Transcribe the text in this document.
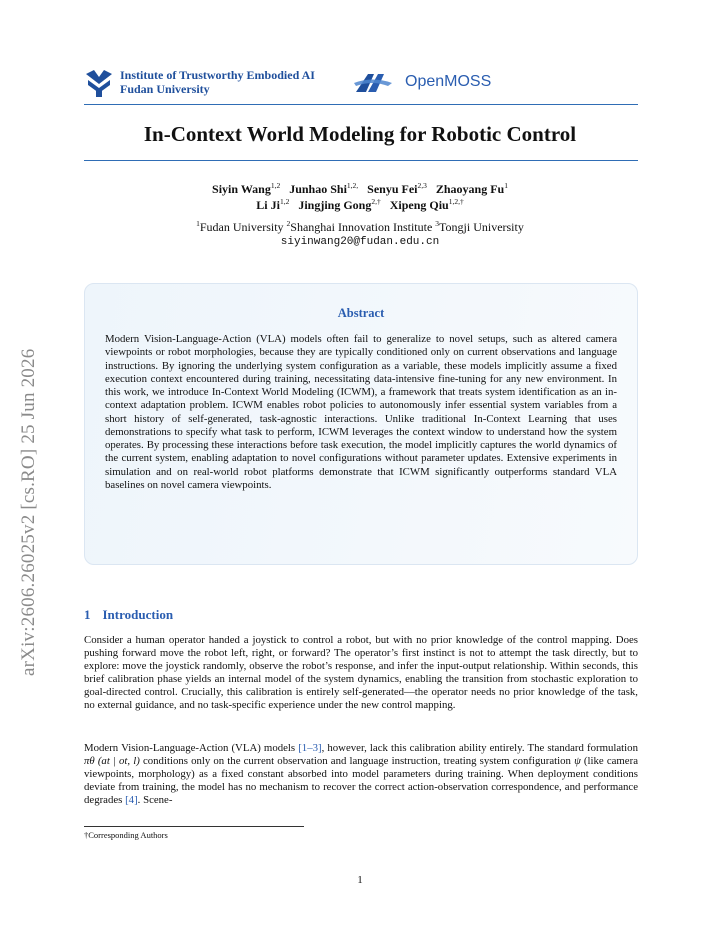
Institute of Trustworthy Embodied AI
Fudan University	OpenMOSS
In-Context World Modeling for Robotic Control
Siyin Wang$^{1,2}$ Junhao Shi$^{1,2,}$ Senyu Fei$^{2,3}$ Zhaoyang Fu$^1$
Li Ji$^{1,2}$ Jingjing Gong$^{2,\dagger}$ Xipeng Qiu$^{1,2,\dagger}$
$^1$Fudan University $^2$Shanghai Innovation Institute $^3$Tongji University
siyinwang20@fudan.edu.cn
arXiv:2606.26025v2 [cs.RO] 25 Jun 2026
Abstract
Modern Vision-Language-Action (VLA) models often fail to generalize to novel setups, such as altered camera viewpoints or robot morphologies, because they are typically conditioned only on current observations and language instructions. By ignoring the underlying system configuration as a variable, these models implicitly assume a fixed execution context encountered during training, necessitating data-intensive fine-tuning for any new environment. In this work, we introduce In-Context World Modeling (ICWM), a framework that treats system identification as an in-context adaptation problem. ICWM enables robot policies to autonomously infer essential system variables from a short history of self-generated, task-agnostic interactions. Unlike traditional In-Context Learning that uses demonstrations to specify what task to perform, ICWM leverages the context window to understand how the system operates. By processing these interactions before task execution, the model implicitly captures the world dynamics of the current system, enabling adaptation to novel configurations without parameter updates. Extensive experiments in simulation and on real-world robot platforms demonstrate that ICWM significantly outperforms standard VLA baselines on novel camera viewpoints.
1 Introduction

Consider a human operator handed a joystick to control a robot, but with no prior knowledge of the control mapping. Does pushing forward move the robot left, right, or forward? The operator’s first instinct is not to attempt the task directly, but to explore: move the joystick randomly, observe the robot’s response, and infer the input-output relationship. Within seconds, this brief calibration phase yields an internal model of the system dynamics, enabling the transition from stochastic exploration to goal-directed control. Crucially, this calibration is entirely self-generated—the operator needs no prior knowledge of the task, no external guidance, and no task-specific experience under the new control mapping.

Modern Vision-Language-Action (VLA) models [1–3], however, lack this calibration ability entirely. The standard formulation πθ (at | ot, l) conditions only on the current observation and language instruction, treating system configuration ψ (like camera viewpoints, morphology) as a fixed constant absorbed into model parameters during training. When deployment conditions deviate from training, the model has no mechanism to recover the correct action-observation correspondence, and performance degrades [4]. Scene-

†Corresponding Authors
1
